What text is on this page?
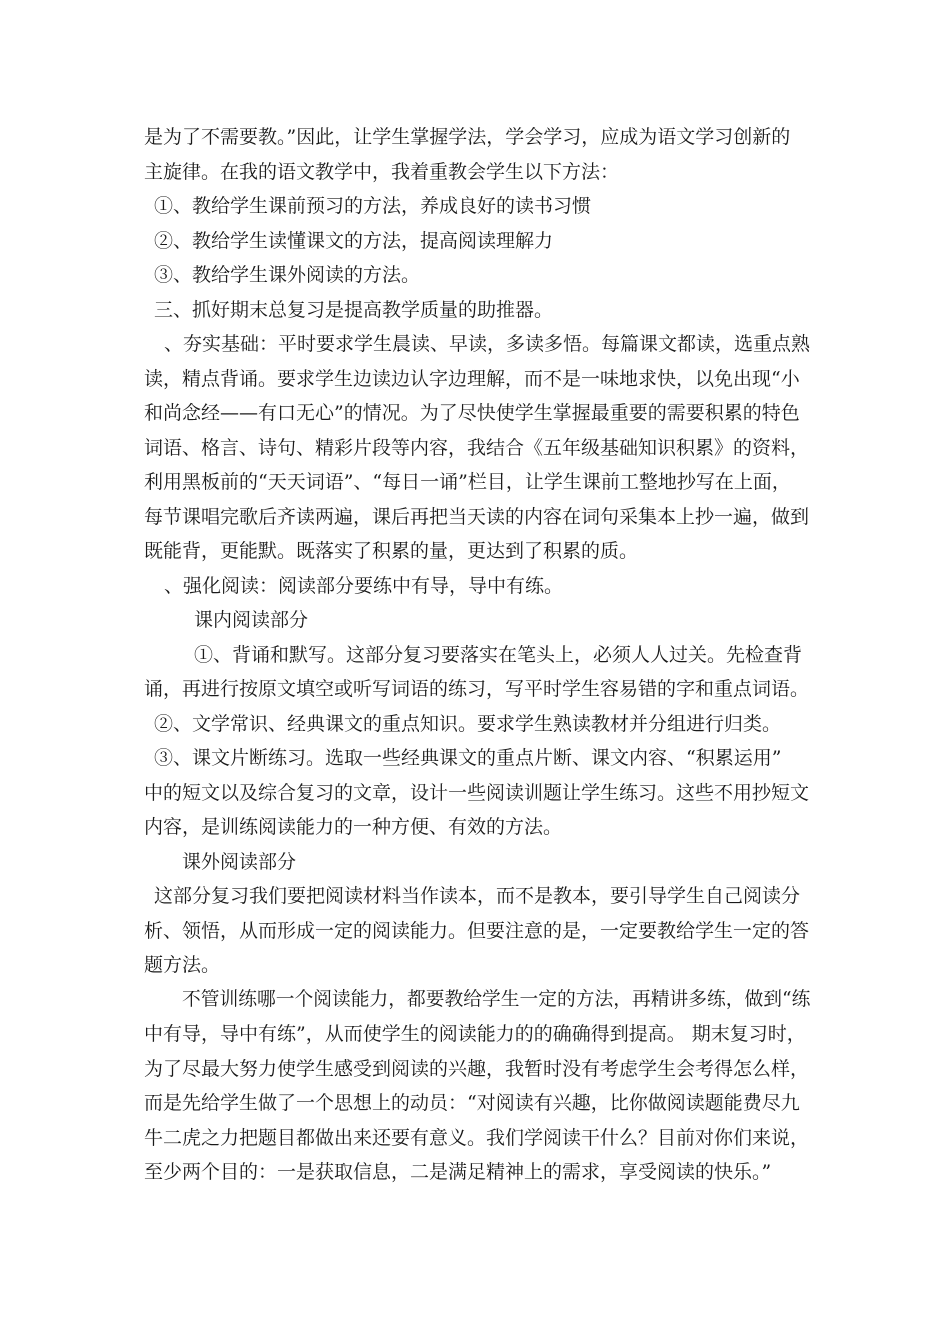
是为了不需要教。”因此，让学生掌握学法，学会学习，应成为语文学习创新的
主旋律。在我的语文教学中，我着重教会学生以下方法：
①、教给学生课前预习的方法，养成良好的读书习惯
②、教给学生读懂课文的方法，提高阅读理解力
③、教给学生课外阅读的方法。
三、抓好期末总复习是提高教学质量的助推器。
、夯实基础：平时要求学生晨读、早读，多读多悟。每篇课文都读，选重点熟
读，精点背诵。要求学生边读边认字边理解，而不是一味地求快，以免出现“小
和尚念经——有口无心”的情况。为了尽快使学生掌握最重要的需要积累的特色
词语、格言、诗句、精彩片段等内容，我结合《五年级基础知识积累》的资料，
利用黑板前的“天天词语”、“每日一诵”栏目，让学生课前工整地抄写在上面，
每节课唱完歌后齐读两遍，课后再把当天读的内容在词句采集本上抄一遍，做到
既能背，更能默。既落实了积累的量，更达到了积累的质。
、强化阅读：阅读部分要练中有导，导中有练。
课内阅读部分
①、背诵和默写。这部分复习要落实在笔头上，必须人人过关。先检查背
诵，再进行按原文填空或听写词语的练习，写平时学生容易错的字和重点词语。
②、文学常识、经典课文的重点知识。要求学生熟读教材并分组进行归类。
③、课文片断练习。选取一些经典课文的重点片断、课文内容、“积累运用”
中的短文以及综合复习的文章，设计一些阅读训题让学生练习。这些不用抄短文
内容，是训练阅读能力的一种方便、有效的方法。
课外阅读部分
这部分复习我们要把阅读材料当作读本，而不是教本，要引导学生自己阅读分
析、领悟，从而形成一定的阅读能力。但要注意的是，一定要教给学生一定的答
题方法。
不管训练哪一个阅读能力，都要教给学生一定的方法，再精讲多练，做到“练
中有导，导中有练”，从而使学生的阅读能力的的确确得到提高。 期末复习时，
为了尽最大努力使学生感受到阅读的兴趣，我暂时没有考虑学生会考得怎么样，
而是先给学生做了一个思想上的动员：“对阅读有兴趣，比你做阅读题能费尽九
牛二虎之力把题目都做出来还要有意义。我们学阅读干什么？目前对你们来说，
至少两个目的：一是获取信息，二是满足精神上的需求，享受阅读的快乐。”
